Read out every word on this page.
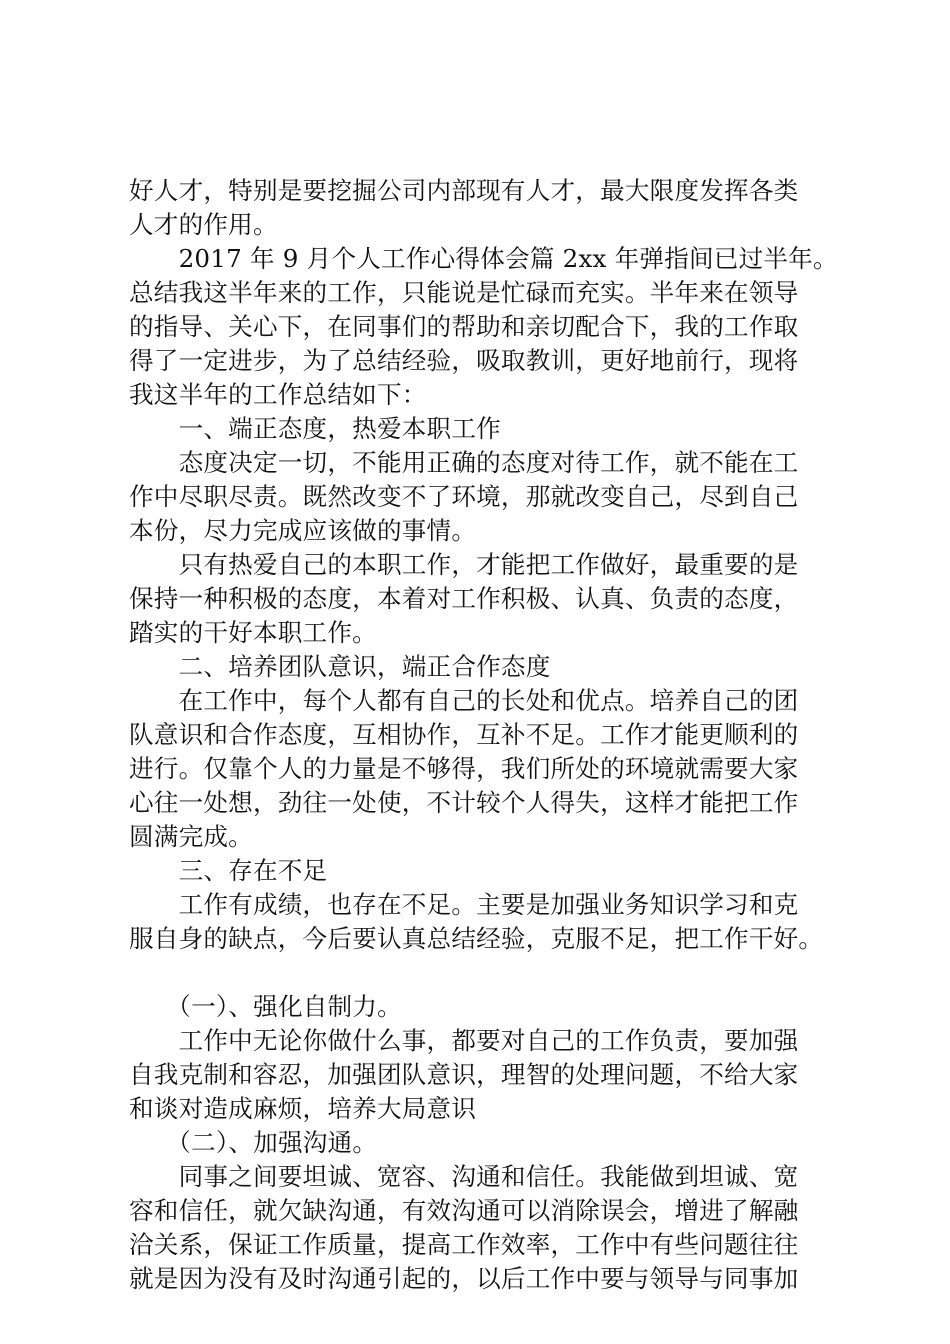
好人才，特别是要挖掘公司内部现有人才，最大限度发挥各类
人才的作用。
　　2017 年 9 月个人工作心得体会篇 2xx 年弹指间已过半年。
总结我这半年来的工作，只能说是忙碌而充实。半年来在领导
的指导、关心下，在同事们的帮助和亲切配合下，我的工作取
得了一定进步，为了总结经验，吸取教训，更好地前行，现将
我这半年的工作总结如下：
　　一、端正态度，热爱本职工作
　　态度决定一切，不能用正确的态度对待工作，就不能在工
作中尽职尽责。既然改变不了环境，那就改变自己，尽到自己
本份，尽力完成应该做的事情。
　　只有热爱自己的本职工作，才能把工作做好，最重要的是
保持一种积极的态度，本着对工作积极、认真、负责的态度，
踏实的干好本职工作。
　　二、培养团队意识，端正合作态度
　　在工作中，每个人都有自己的长处和优点。培养自己的团
队意识和合作态度，互相协作，互补不足。工作才能更顺利的
进行。仅靠个人的力量是不够得，我们所处的环境就需要大家
心往一处想，劲往一处使，不计较个人得失，这样才能把工作
圆满完成。
　　三、存在不足
　　工作有成绩，也存在不足。主要是加强业务知识学习和克
服自身的缺点，今后要认真总结经验，克服不足，把工作干好。
　　（一）、强化自制力。
　　工作中无论你做什么事，都要对自己的工作负责，要加强
自我克制和容忍，加强团队意识，理智的处理问题，不给大家
和谈对造成麻烦，培养大局意识
　　（二）、加强沟通。
　　同事之间要坦诚、宽容、沟通和信任。我能做到坦诚、宽
容和信任，就欠缺沟通，有效沟通可以消除误会，增进了解融
洽关系，保证工作质量，提高工作效率，工作中有些问题往往
就是因为没有及时沟通引起的，以后工作中要与领导与同事加
